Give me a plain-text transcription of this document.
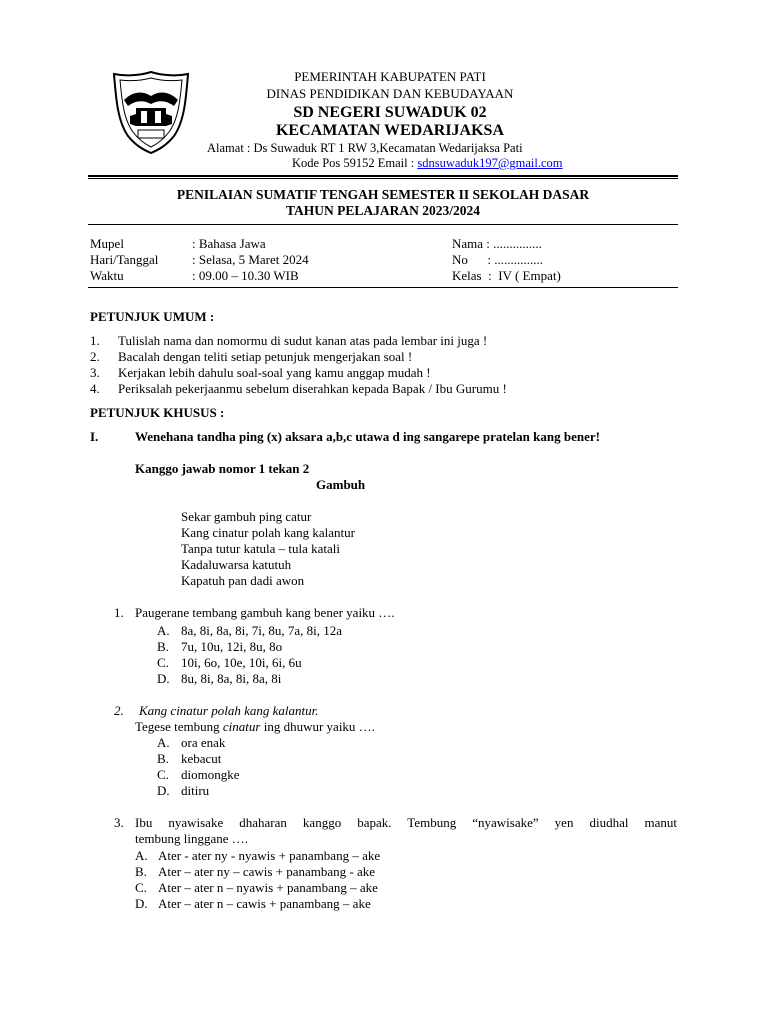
PEMERINTAH KABUPATEN PATI
DINAS PENDIDIKAN DAN KEBUDAYAAN
SD NEGERI SUWADUK 02
KECAMATAN WEDARIJAKSA
Alamat : Ds Suwaduk RT 1 RW 3,Kecamatan Wedarijaksa Pati
Kode Pos 59152 Email : sdnsuwaduk197@gmail.com
PENILAIAN SUMATIF TENGAH SEMESTER II SEKOLAH DASAR
TAHUN PELAJARAN 2023/2024
Mupel	: Bahasa Jawa	Nama : ...............
Hari/Tanggal	: Selasa, 5 Maret 2024	No      : ...............
Waktu	: 09.00 – 10.30 WIB	Kelas  :  IV ( Empat)
PETUNJUK UMUM :
1. Tulislah nama dan nomormu di sudut kanan atas pada lembar ini juga !
2. Bacalah dengan teliti setiap petunjuk mengerjakan soal !
3. Kerjakan lebih dahulu soal-soal yang kamu anggap mudah !
4. Periksalah pekerjaanmu sebelum diserahkan kepada Bapak / Ibu Gurumu !
PETUNJUK KHUSUS :
I.	Wenehana tandha ping (x) aksara a,b,c utawa d ing sangarepe pratelan kang bener!
Kanggo jawab nomor 1 tekan 2
Gambuh
Sekar gambuh ping catur
Kang cinatur polah kang kalantur
Tanpa tutur katula – tula katali
Kadaluwarsa katutuh
Kapatuh pan dadi awon
1. Paugerane tembang gambuh kang bener yaiku ….
A. 8a, 8i, 8a, 8i, 7i, 8u, 7a, 8i, 12a
B. 7u, 10u, 12i, 8u, 8o
C. 10i, 6o, 10e, 10i, 6i, 6u
D. 8u, 8i, 8a, 8i, 8a, 8i
2. Kang cinatur polah kang kalantur.
Tegese tembung cinatur ing dhuwur yaiku ….
A. ora enak
B. kebacut
C. diomongke
D. ditiru
3. Ibu nyawisake dhaharan kanggo bapak. Tembung “nyawisake” yen diudhal manut
tembung linggane ….
A. Ater - ater ny - nyawis + panambang – ake
B. Ater – ater ny – cawis + panambang - ake
C. Ater – ater n – nyawis + panambang – ake
D. Ater – ater n – cawis + panambang – ake
